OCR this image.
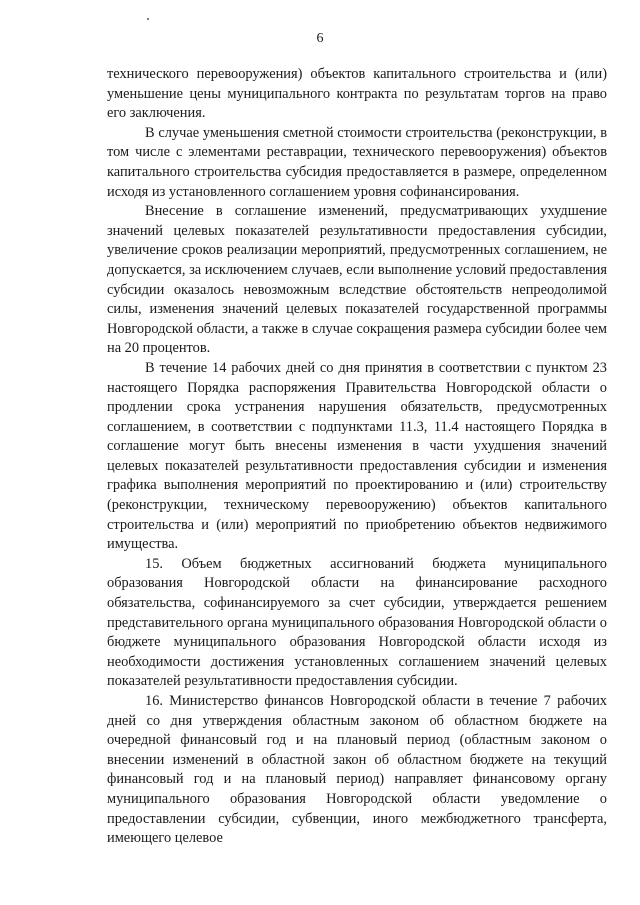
6

технического перевооружения) объектов капитального строительства и (или) уменьшение цены муниципального контракта по результатам торгов на право его заключения.

В случае уменьшения сметной стоимости строительства (реконструкции, в том числе с элементами реставрации, технического перевооружения) объектов капитального строительства субсидия предоставляется в размере, определенном исходя из установленного соглашением уровня софинансирования.

Внесение в соглашение изменений, предусматривающих ухудшение значений целевых показателей результативности предоставления субсидии, увеличение сроков реализации мероприятий, предусмотренных соглашением, не допускается, за исключением случаев, если выполнение условий предоставления субсидии оказалось невозможным вследствие обстоятельств непреодолимой силы, изменения значений целевых показателей государственной программы Новгородской области, а также в случае сокращения размера субсидии более чем на 20 процентов.

В течение 14 рабочих дней со дня принятия в соответствии с пунктом 23 настоящего Порядка распоряжения Правительства Новгородской области о продлении срока устранения нарушения обязательств, предусмотренных соглашением, в соответствии с подпунктами 11.3, 11.4 настоящего Порядка в соглашение могут быть внесены изменения в части ухудшения значений целевых показателей результативности предоставления субсидии и изменения графика выполнения мероприятий по проектированию и (или) строительству (реконструкции, техническому перевооружению) объектов капитального строительства и (или) мероприятий по приобретению объектов недвижимого имущества.

15. Объем бюджетных ассигнований бюджета муниципального образования Новгородской области на финансирование расходного обязательства, софинансируемого за счет субсидии, утверждается решением представительного органа муниципального образования Новгородской области о бюджете муниципального образования Новгородской области исходя из необходимости достижения установленных соглашением значений целевых показателей результативности предоставления субсидии.

16. Министерство финансов Новгородской области в течение 7 рабочих дней со дня утверждения областным законом об областном бюджете на очередной финансовый год и на плановый период (областным законом о внесении изменений в областной закон об областном бюджете на текущий финансовый год и на плановый период) направляет финансовому органу муниципального образования Новгородской области уведомление о предоставлении субсидии, субвенции, иного межбюджетного трансферта, имеющего целевое
